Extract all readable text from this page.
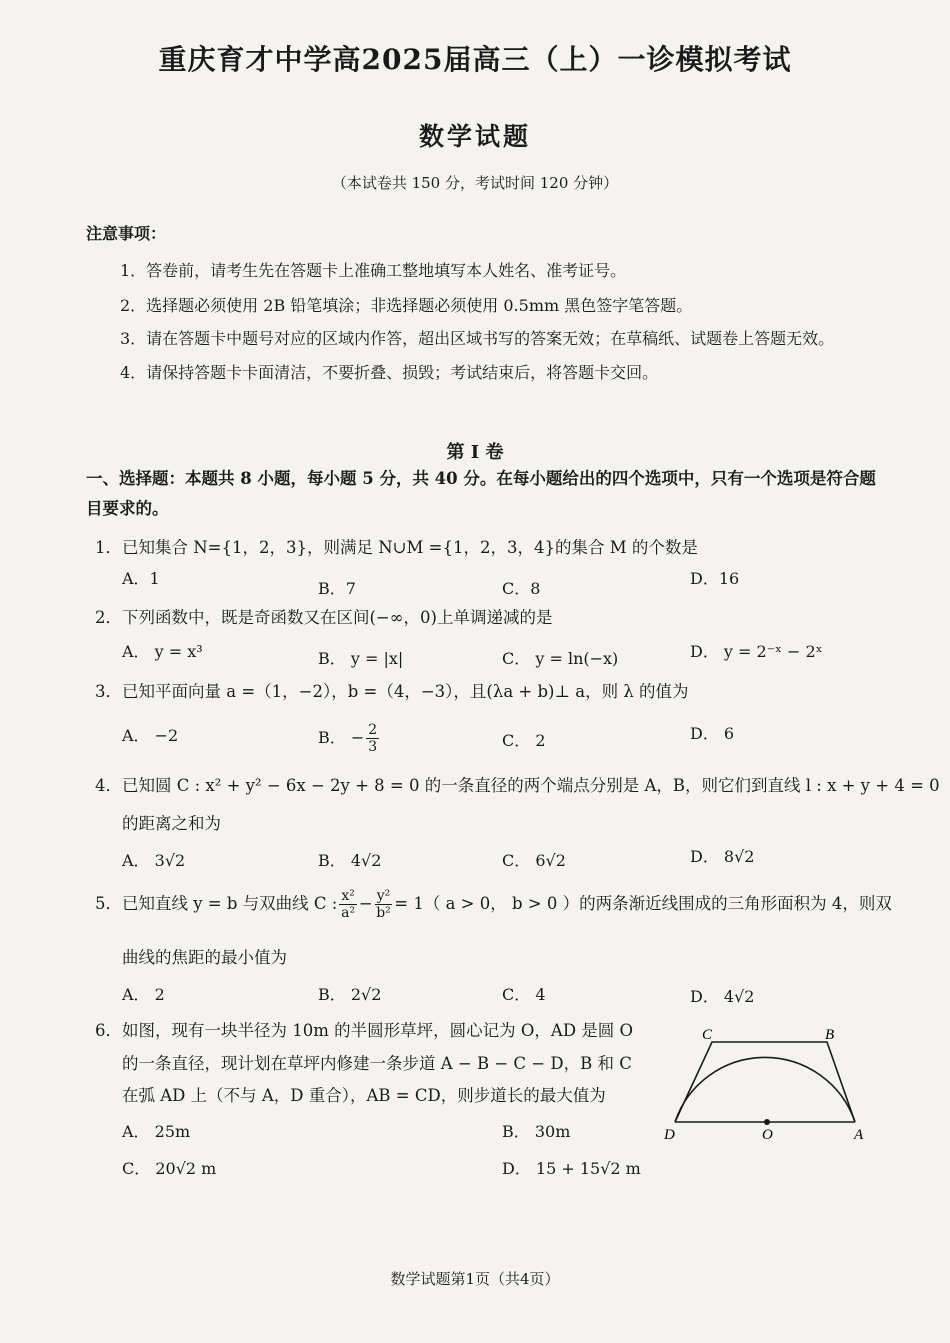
重庆育才中学高2025届高三（上）一诊模拟考试
数学试题
（本试卷共 150 分，考试时间 120 分钟）
注意事项：
1．答卷前，请考生先在答题卡上准确工整地填写本人姓名、准考证号。
2．选择题必须使用 2B 铅笔填涂；非选择题必须使用 0.5mm 黑色签字笔答题。
3．请在答题卡中题号对应的区域内作答，超出区域书写的答案无效；在草稿纸、试题卷上答题无效。
4．请保持答题卡卡面清洁，不要折叠、损毁；考试结束后，将答题卡交回。
第 I 卷
一、选择题：本题共 8 小题，每小题 5 分，共 40 分。在每小题给出的四个选项中，只有一个选项是符合题目要求的。
1．已知集合 N={1，2，3}，则满足 N∪M ={1，2，3，4}的集合 M 的个数是
A．1
B．7	C．8
D．16
2．下列函数中，既是奇函数又在区间(−∞，0)上单调递减的是
A． y = x³	B． y = |x|	C． y = ln(−x)	D． y = 2⁻ˣ − 2ˣ
3．已知平面向量 a =（1，−2），b =（4，−3），且(λa + b)⊥ a，则 λ 的值为
A． −2	B． − $\frac{2}{3}$	C． 2	D． 6
4．已知圆 C : x² + y² − 6x − 2y + 8 = 0 的一条直径的两个端点分别是 A，B，则它们到直线 l : x + y + 4 = 0
的距离之和为
A． 3√2	B． 4√2	C． 6√2	D． 8√2
5．已知直线 y = b 与双曲线 C : $\frac{\text{x²}}{\text{a²}} - \frac{\text{y²}}{\text{b²}} = 1$（ a > 0， b > 0 ）的两条渐近线围成的三角形面积为 4，则双
曲线的焦距的最小值为
A． 2	B． 2√2	C． 4	D． 4√2
6．如图，现有一块半径为 10m 的半圆形草坪，圆心记为 O，AD 是圆 O
的一条直径，现计划在草坪内修建一条步道 A − B − C − D，B 和 C
在弧 AD 上（不与 A，D 重合），AB = CD，则步道长的最大值为
A． 25m	B． 30m
C． 20√2 m	D． 15 + 15√2 m
C	B
D	O	A
数学试题第1页（共4页）
